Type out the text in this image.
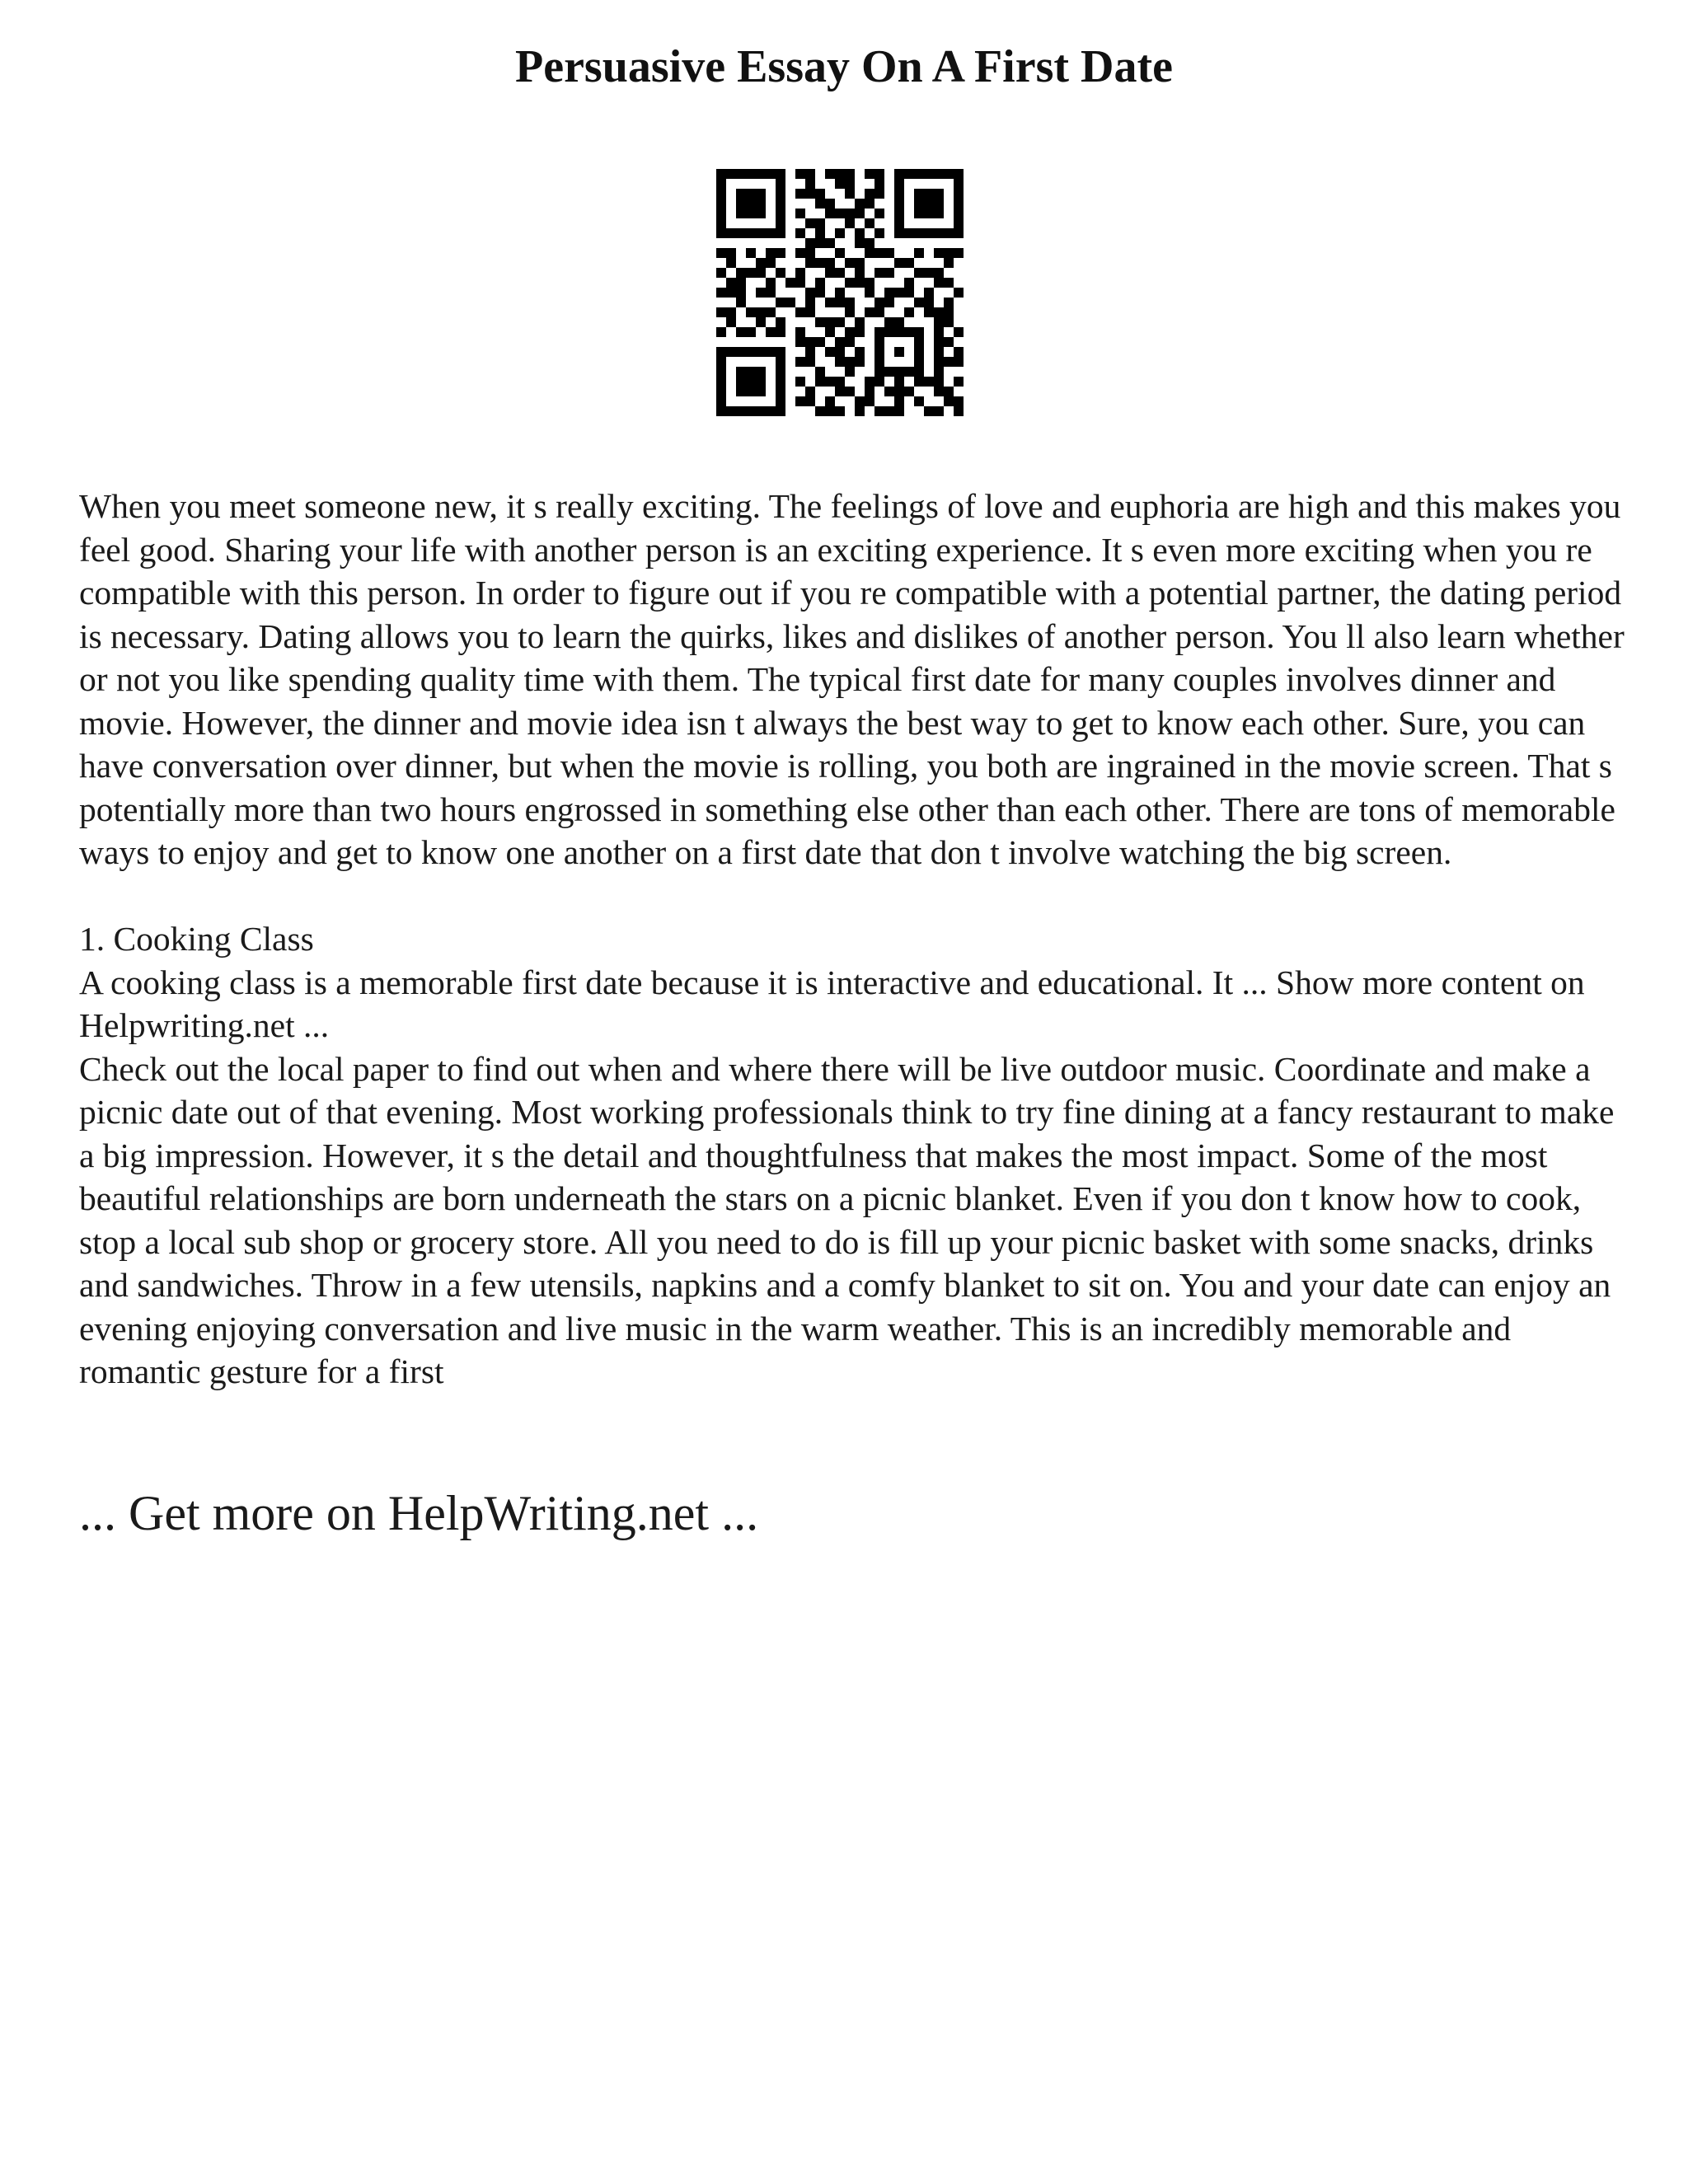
Persuasive Essay On A First Date

When you meet someone new, it s really exciting. The feelings of love and euphoria are high and this makes you feel good. Sharing your life with another person is an exciting experience. It s even more exciting when you re compatible with this person. In order to figure out if you re compatible with a potential partner, the dating period is necessary. Dating allows you to learn the quirks, likes and dislikes of another person. You ll also learn whether or not you like spending quality time with them. The typical first date for many couples involves dinner and movie. However, the dinner and movie idea isn t always the best way to get to know each other. Sure, you can have conversation over dinner, but when the movie is rolling, you both are ingrained in the movie screen. That s potentially more than two hours engrossed in something else other than each other. There are tons of memorable ways to enjoy and get to know one another on a first date that don t involve watching the big screen.

1. Cooking Class

A cooking class is a memorable first date because it is interactive and educational. It ... Show more content on Helpwriting.net ...

Check out the local paper to find out when and where there will be live outdoor music. Coordinate and make a picnic date out of that evening. Most working professionals think to try fine dining at a fancy restaurant to make a big impression. However, it s the detail and thoughtfulness that makes the most impact. Some of the most beautiful relationships are born underneath the stars on a picnic blanket. Even if you don t know how to cook, stop a local sub shop or grocery store. All you need to do is fill up your picnic basket with some snacks, drinks and sandwiches. Throw in a few utensils, napkins and a comfy blanket to sit on. You and your date can enjoy an evening enjoying conversation and live music in the warm weather. This is an incredibly memorable and romantic gesture for a first

... Get more on HelpWriting.net ...
